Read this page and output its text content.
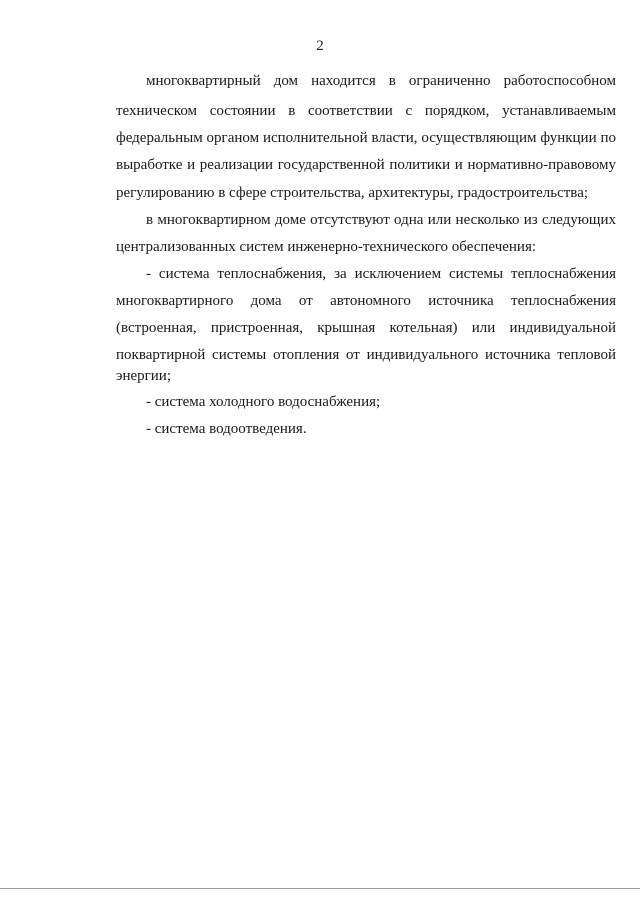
2
многоквартирный дом находится в ограниченно работоспособном
техническом состоянии в соответствии с порядком, устанавливаемым
федеральным органом исполнительной власти, осуществляющим функции по
выработке и реализации государственной политики и нормативно-правовому
регулированию в сфере строительства, архитектуры, градостроительства;
в многоквартирном доме отсутствуют одна или несколько из следующих
централизованных систем инженерно-технического обеспечения:
- система теплоснабжения, за исключением системы теплоснабжения
многоквартирного дома от автономного источника теплоснабжения
(встроенная, пристроенная, крышная котельная) или индивидуальной
поквартирной системы отопления от индивидуального источника тепловой
энергии;
- система холодного водоснабжения;
- система водоотведения.
